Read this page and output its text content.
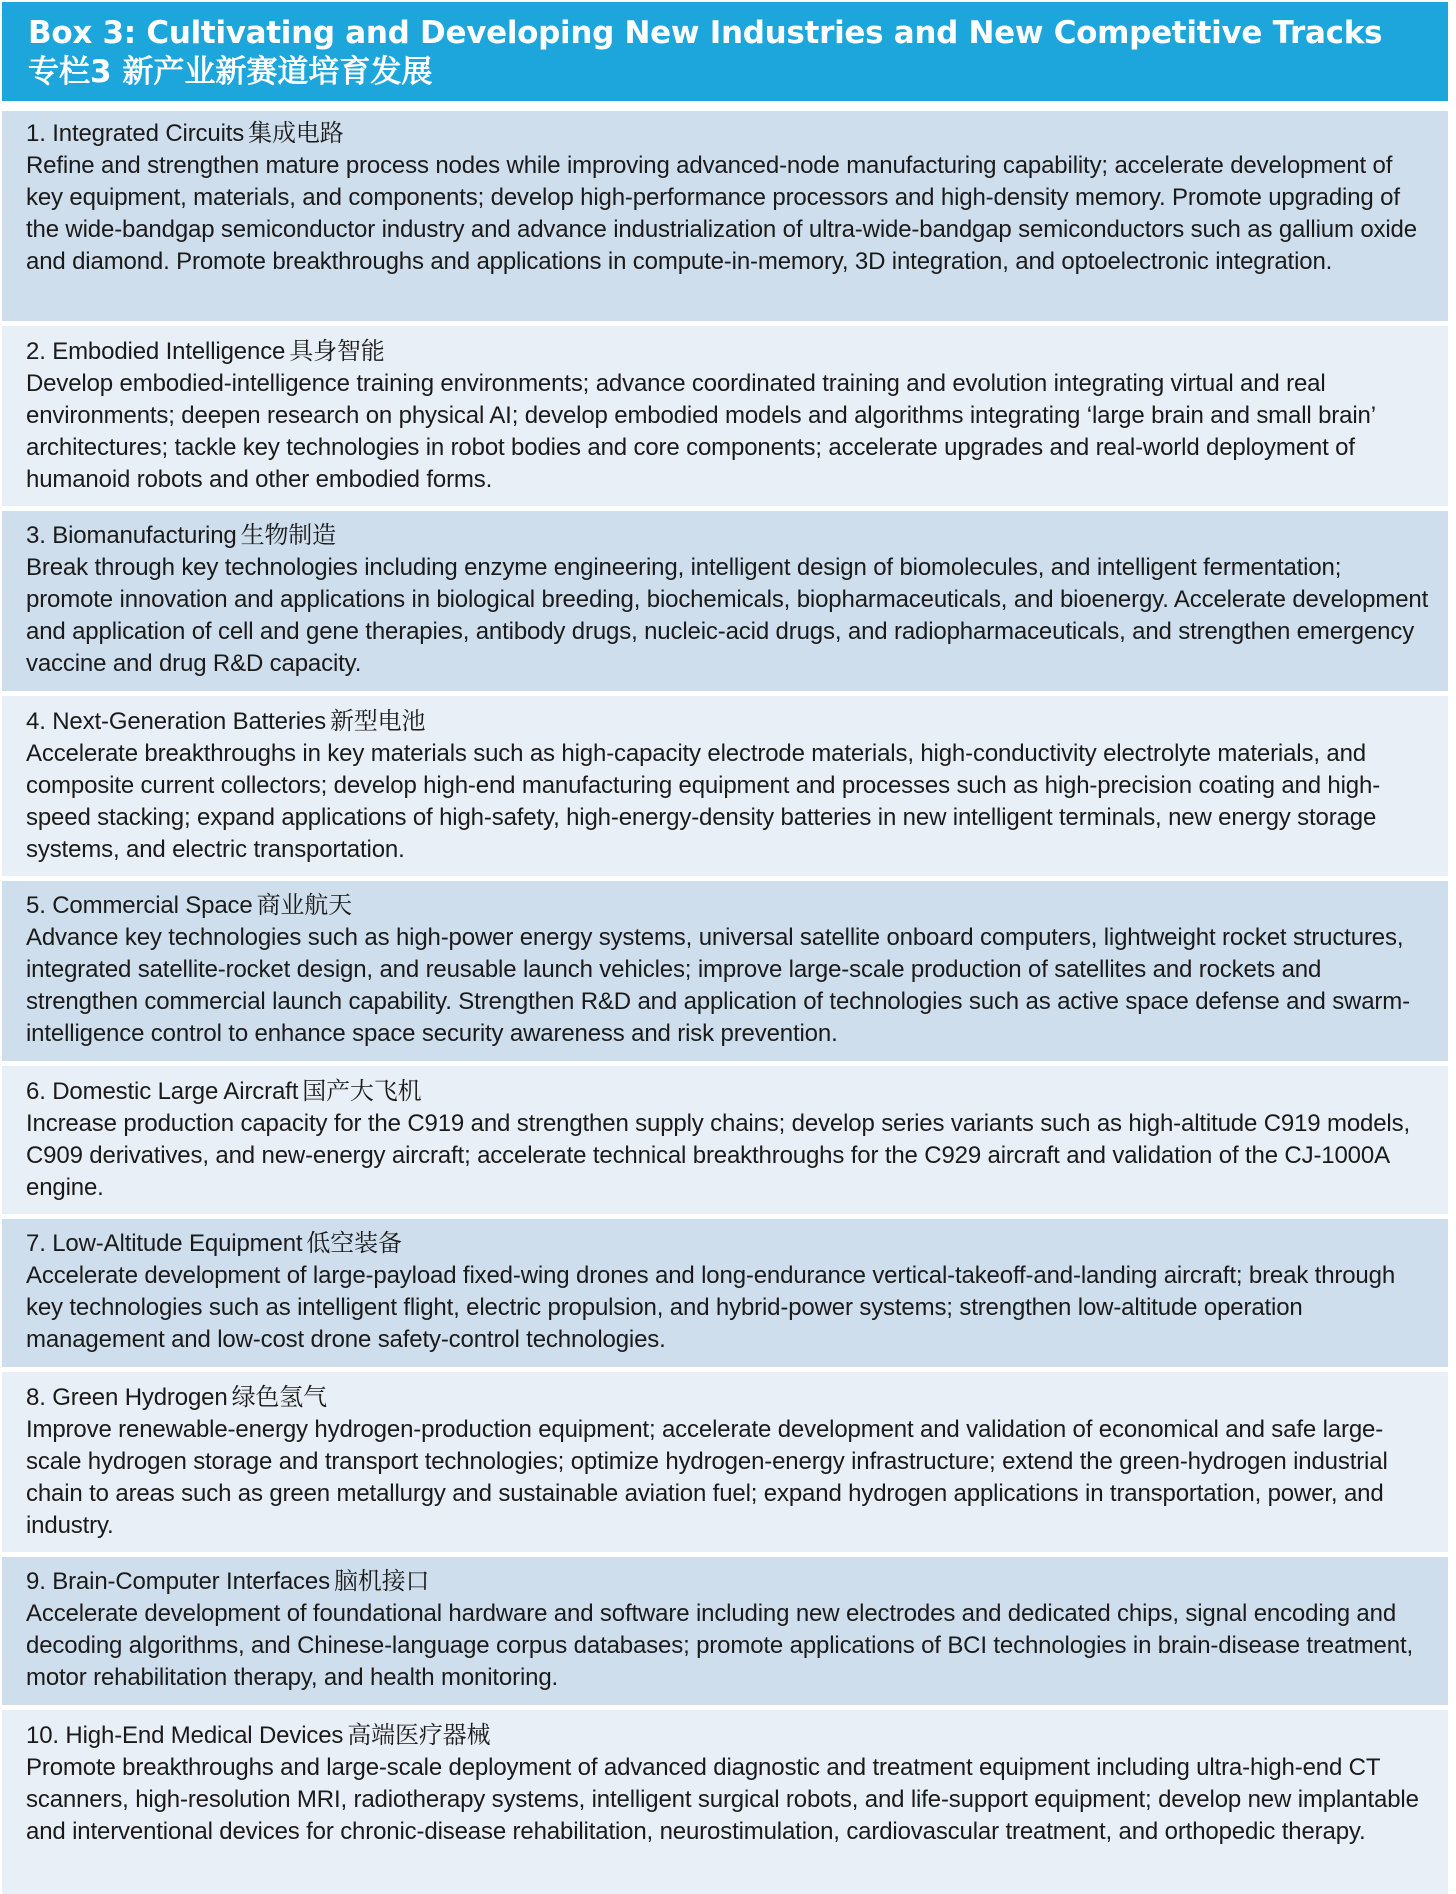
Box 3: Cultivating and Developing New Industries and New Competitive Tracks
专栏3 新产业新赛道培育发展
1. Integrated Circuits 集成电路
Refine and strengthen mature process nodes while improving advanced-node manufacturing capability; accelerate development of key equipment, materials, and components; develop high-performance processors and high-density memory. Promote upgrading of the wide-bandgap semiconductor industry and advance industrialization of ultra-wide-bandgap semiconductors such as gallium oxide and diamond. Promote breakthroughs and applications in compute-in-memory, 3D integration, and optoelectronic integration.
2. Embodied Intelligence 具身智能
Develop embodied-intelligence training environments; advance coordinated training and evolution integrating virtual and real environments; deepen research on physical AI; develop embodied models and algorithms integrating ‘large brain and small brain’ architectures; tackle key technologies in robot bodies and core components; accelerate upgrades and real-world deployment of humanoid robots and other embodied forms.
3. Biomanufacturing 生物制造
Break through key technologies including enzyme engineering, intelligent design of biomolecules, and intelligent fermentation; promote innovation and applications in biological breeding, biochemicals, biopharmaceuticals, and bioenergy. Accelerate development and application of cell and gene therapies, antibody drugs, nucleic-acid drugs, and radiopharmaceuticals, and strengthen emergency vaccine and drug R&D capacity.
4. Next-Generation Batteries 新型电池
Accelerate breakthroughs in key materials such as high-capacity electrode materials, high-conductivity electrolyte materials, and composite current collectors; develop high-end manufacturing equipment and processes such as high-precision coating and high-speed stacking; expand applications of high-safety, high-energy-density batteries in new intelligent terminals, new energy storage systems, and electric transportation.
5. Commercial Space 商业航天
Advance key technologies such as high-power energy systems, universal satellite onboard computers, lightweight rocket structures, integrated satellite-rocket design, and reusable launch vehicles; improve large-scale production of satellites and rockets and strengthen commercial launch capability. Strengthen R&D and application of technologies such as active space defense and swarm-intelligence control to enhance space security awareness and risk prevention.
6. Domestic Large Aircraft 国产大飞机
Increase production capacity for the C919 and strengthen supply chains; develop series variants such as high-altitude C919 models, C909 derivatives, and new-energy aircraft; accelerate technical breakthroughs for the C929 aircraft and validation of the CJ-1000A engine.
7. Low-Altitude Equipment 低空装备
Accelerate development of large-payload fixed-wing drones and long-endurance vertical-takeoff-and-landing aircraft; break through key technologies such as intelligent flight, electric propulsion, and hybrid-power systems; strengthen low-altitude operation management and low-cost drone safety-control technologies.
8. Green Hydrogen 绿色氢气
Improve renewable-energy hydrogen-production equipment; accelerate development and validation of economical and safe large-scale hydrogen storage and transport technologies; optimize hydrogen-energy infrastructure; extend the green-hydrogen industrial chain to areas such as green metallurgy and sustainable aviation fuel; expand hydrogen applications in transportation, power, and industry.
9. Brain-Computer Interfaces 脑机接口
Accelerate development of foundational hardware and software including new electrodes and dedicated chips, signal encoding and decoding algorithms, and Chinese-language corpus databases; promote applications of BCI technologies in brain-disease treatment, motor rehabilitation therapy, and health monitoring.
10. High-End Medical Devices 高端医疗器械
Promote breakthroughs and large-scale deployment of advanced diagnostic and treatment equipment including ultra-high-end CT scanners, high-resolution MRI, radiotherapy systems, intelligent surgical robots, and life-support equipment; develop new implantable and interventional devices for chronic-disease rehabilitation, neurostimulation, cardiovascular treatment, and orthopedic therapy.
